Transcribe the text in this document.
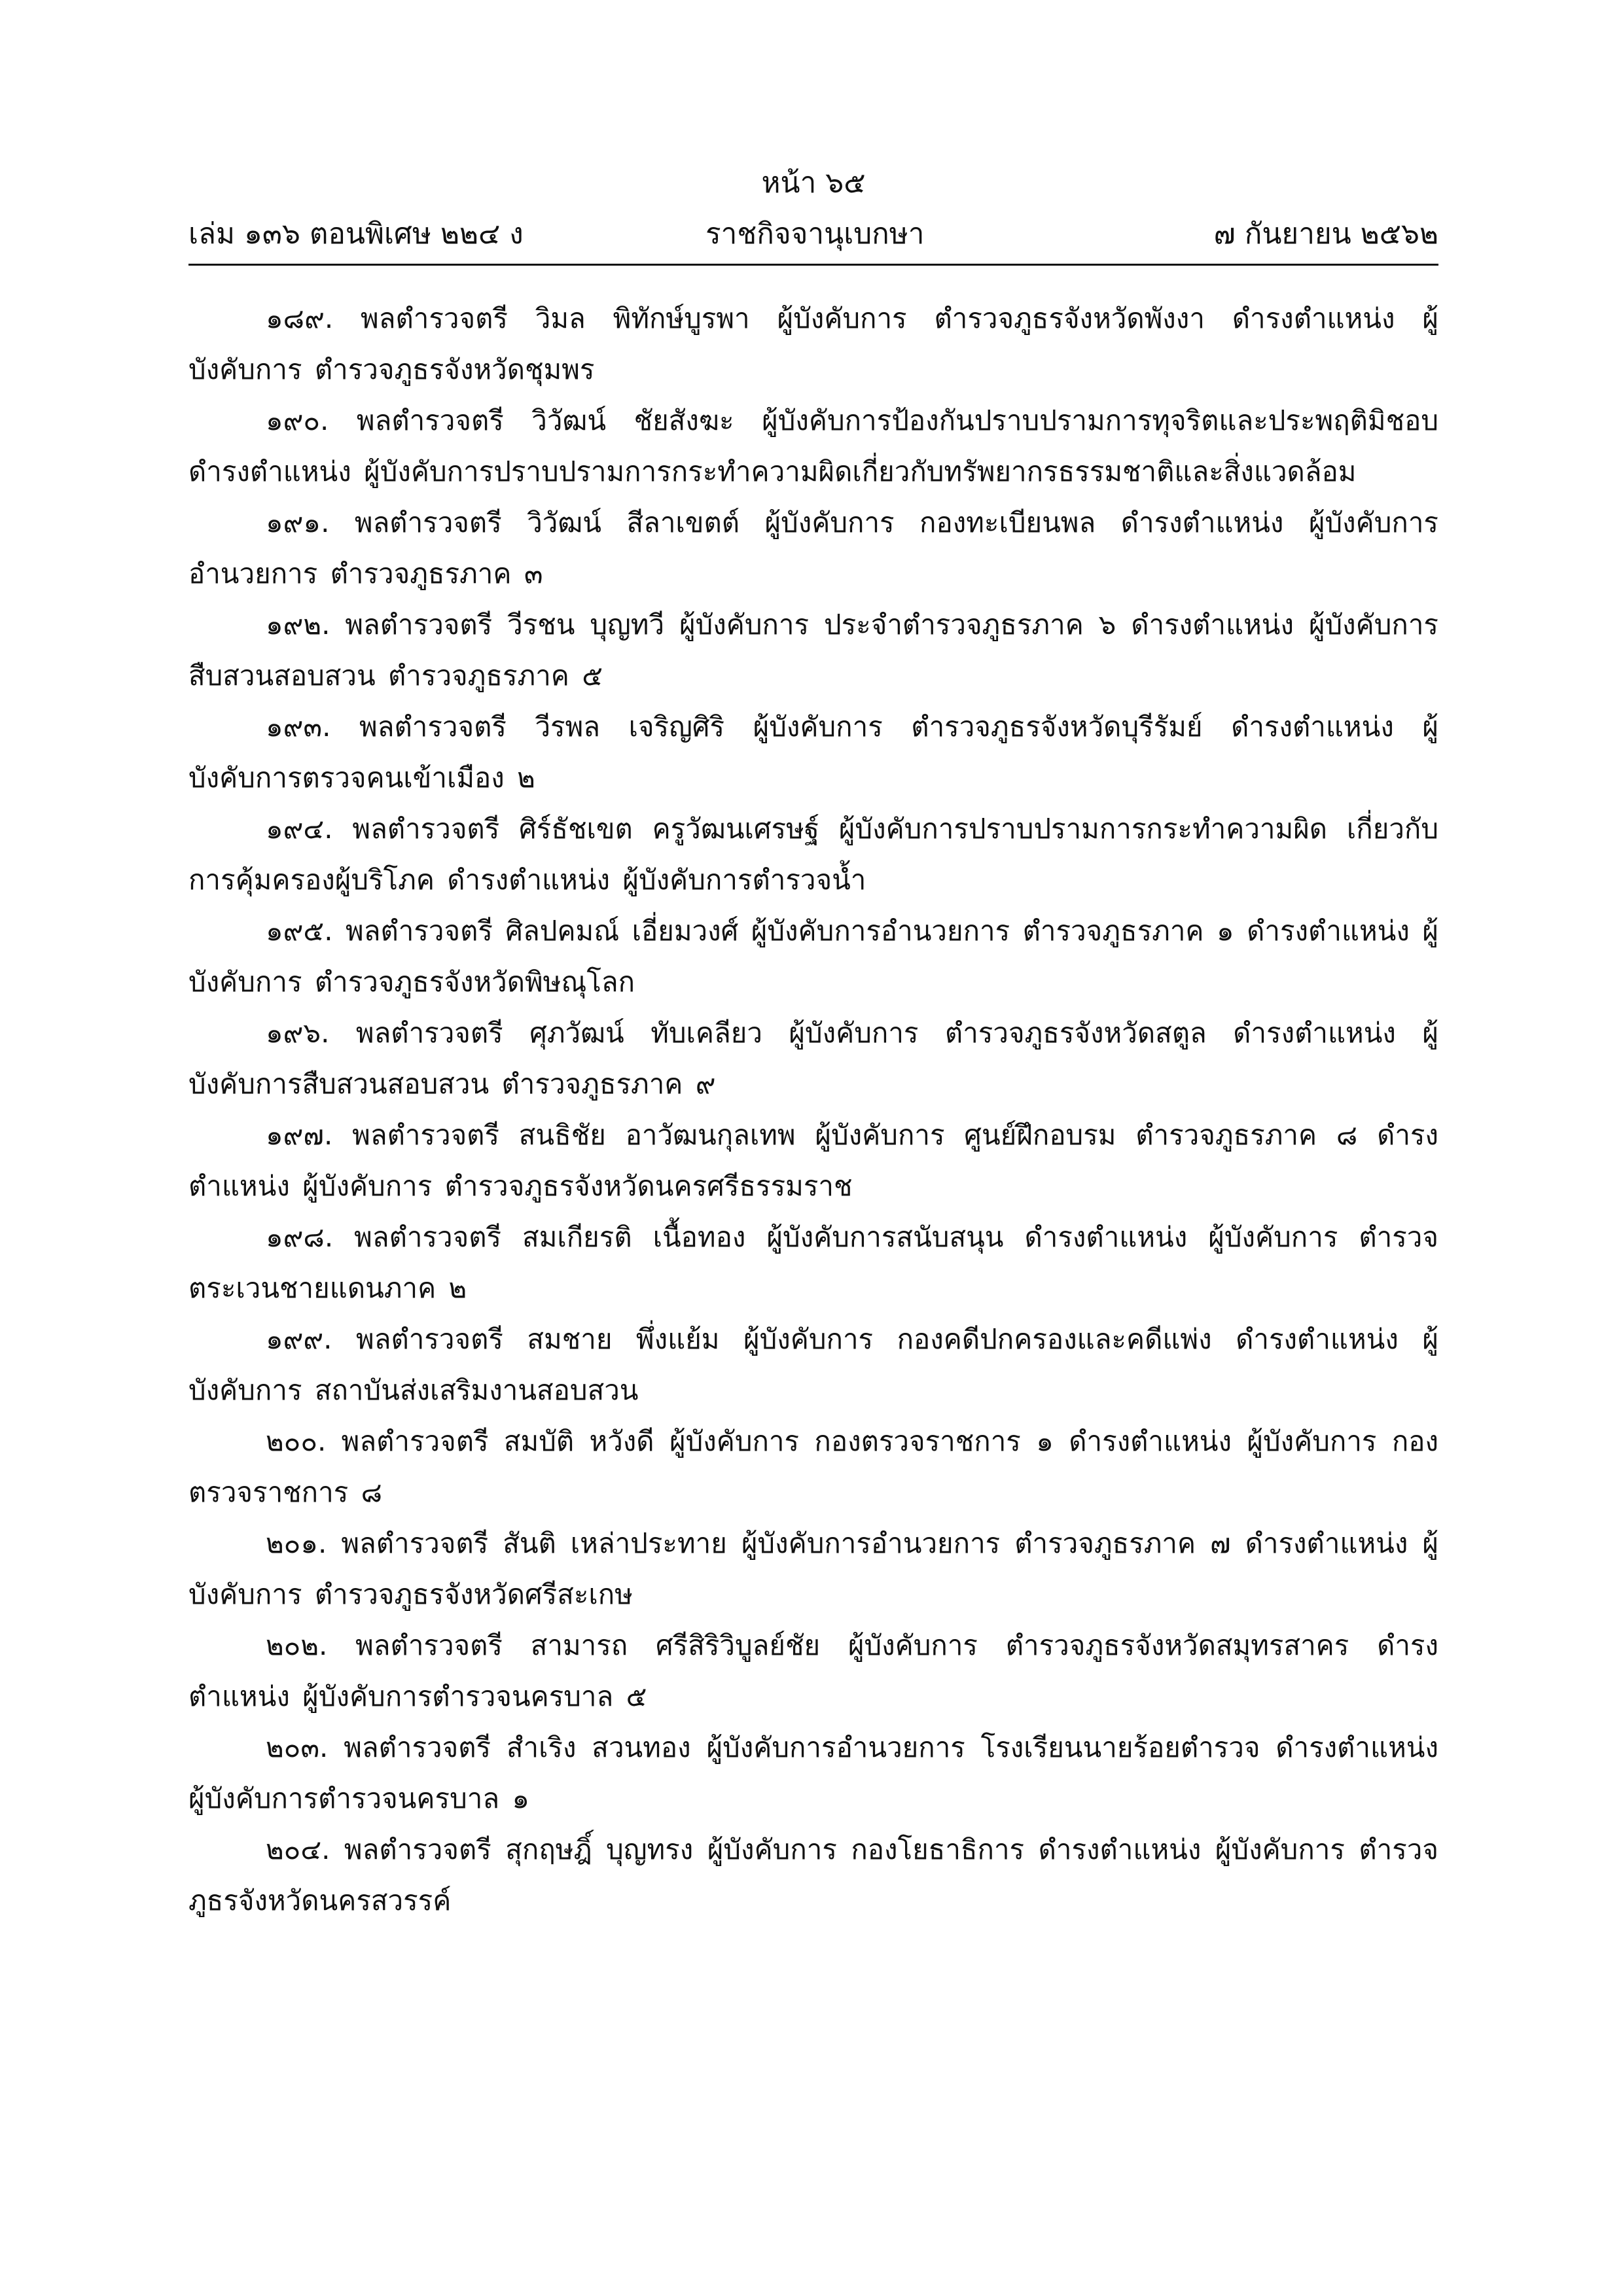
หน้า ๖๕
เล่ม ๑๓๖ ตอนพิเศษ ๒๒๔ ง	ราชกิจจานุเบกษา	๗ กันยายน ๒๕๖๒

๑๘๙. พลตำรวจตรี วิมล พิทักษ์บูรพา ผู้บังคับการ ตำรวจภูธรจังหวัดพังงา ดำรงตำแหน่ง ผู้บังคับการ ตำรวจภูธรจังหวัดชุมพร

๑๙๐. พลตำรวจตรี วิวัฒน์ ชัยสังฆะ ผู้บังคับการป้องกันปราบปรามการทุจริตและประพฤติมิชอบ ดำรงตำแหน่ง ผู้บังคับการปราบปรามการกระทำความผิดเกี่ยวกับทรัพยากรธรรมชาติและสิ่งแวดล้อม

๑๙๑. พลตำรวจตรี วิวัฒน์ สีลาเขตต์ ผู้บังคับการ กองทะเบียนพล ดำรงตำแหน่ง ผู้บังคับการ อำนวยการ ตำรวจภูธรภาค ๓

๑๙๒. พลตำรวจตรี วีรชน บุญทวี ผู้บังคับการ ประจำตำรวจภูธรภาค ๖ ดำรงตำแหน่ง ผู้บังคับการสืบสวนสอบสวน ตำรวจภูธรภาค ๕

๑๙๓. พลตำรวจตรี วีรพล เจริญศิริ ผู้บังคับการ ตำรวจภูธรจังหวัดบุรีรัมย์ ดำรงตำแหน่ง ผู้บังคับการตรวจคนเข้าเมือง ๒

๑๙๔. พลตำรวจตรี ศิร์ธัชเขต ครูวัฒนเศรษฐ์ ผู้บังคับการปราบปรามการกระทำความผิด เกี่ยวกับการคุ้มครองผู้บริโภค ดำรงตำแหน่ง ผู้บังคับการตำรวจน้ำ

๑๙๕. พลตำรวจตรี ศิลปคมณ์ เอี่ยมวงศ์ ผู้บังคับการอำนวยการ ตำรวจภูธรภาค ๑ ดำรงตำแหน่ง ผู้บังคับการ ตำรวจภูธรจังหวัดพิษณุโลก

๑๙๖. พลตำรวจตรี ศุภวัฒน์ ทับเคลียว ผู้บังคับการ ตำรวจภูธรจังหวัดสตูล ดำรงตำแหน่ง ผู้บังคับการสืบสวนสอบสวน ตำรวจภูธรภาค ๙

๑๙๗. พลตำรวจตรี สนธิชัย อาวัฒนกุลเทพ ผู้บังคับการ ศูนย์ฝึกอบรม ตำรวจภูธรภาค ๘ ดำรงตำแหน่ง ผู้บังคับการ ตำรวจภูธรจังหวัดนครศรีธรรมราช

๑๙๘. พลตำรวจตรี สมเกียรติ เนื้อทอง ผู้บังคับการสนับสนุน ดำรงตำแหน่ง ผู้บังคับการ ตำรวจตระเวนชายแดนภาค ๒

๑๙๙. พลตำรวจตรี สมชาย พึ่งแย้ม ผู้บังคับการ กองคดีปกครองและคดีแพ่ง ดำรงตำแหน่ง ผู้บังคับการ สถาบันส่งเสริมงานสอบสวน

๒๐๐. พลตำรวจตรี สมบัติ หวังดี ผู้บังคับการ กองตรวจราชการ ๑ ดำรงตำแหน่ง ผู้บังคับการ กองตรวจราชการ ๘

๒๐๑. พลตำรวจตรี สันติ เหล่าประทาย ผู้บังคับการอำนวยการ ตำรวจภูธรภาค ๗ ดำรงตำแหน่ง ผู้บังคับการ ตำรวจภูธรจังหวัดศรีสะเกษ

๒๐๒. พลตำรวจตรี สามารถ ศรีสิริวิบูลย์ชัย ผู้บังคับการ ตำรวจภูธรจังหวัดสมุทรสาคร ดำรงตำแหน่ง ผู้บังคับการตำรวจนครบาล ๕

๒๐๓. พลตำรวจตรี สำเริง สวนทอง ผู้บังคับการอำนวยการ โรงเรียนนายร้อยตำรวจ ดำรงตำแหน่ง ผู้บังคับการตำรวจนครบาล ๑

๒๐๔. พลตำรวจตรี สุกฤษฎิ์ บุญทรง ผู้บังคับการ กองโยธาธิการ ดำรงตำแหน่ง ผู้บังคับการ ตำรวจภูธรจังหวัดนครสวรรค์
